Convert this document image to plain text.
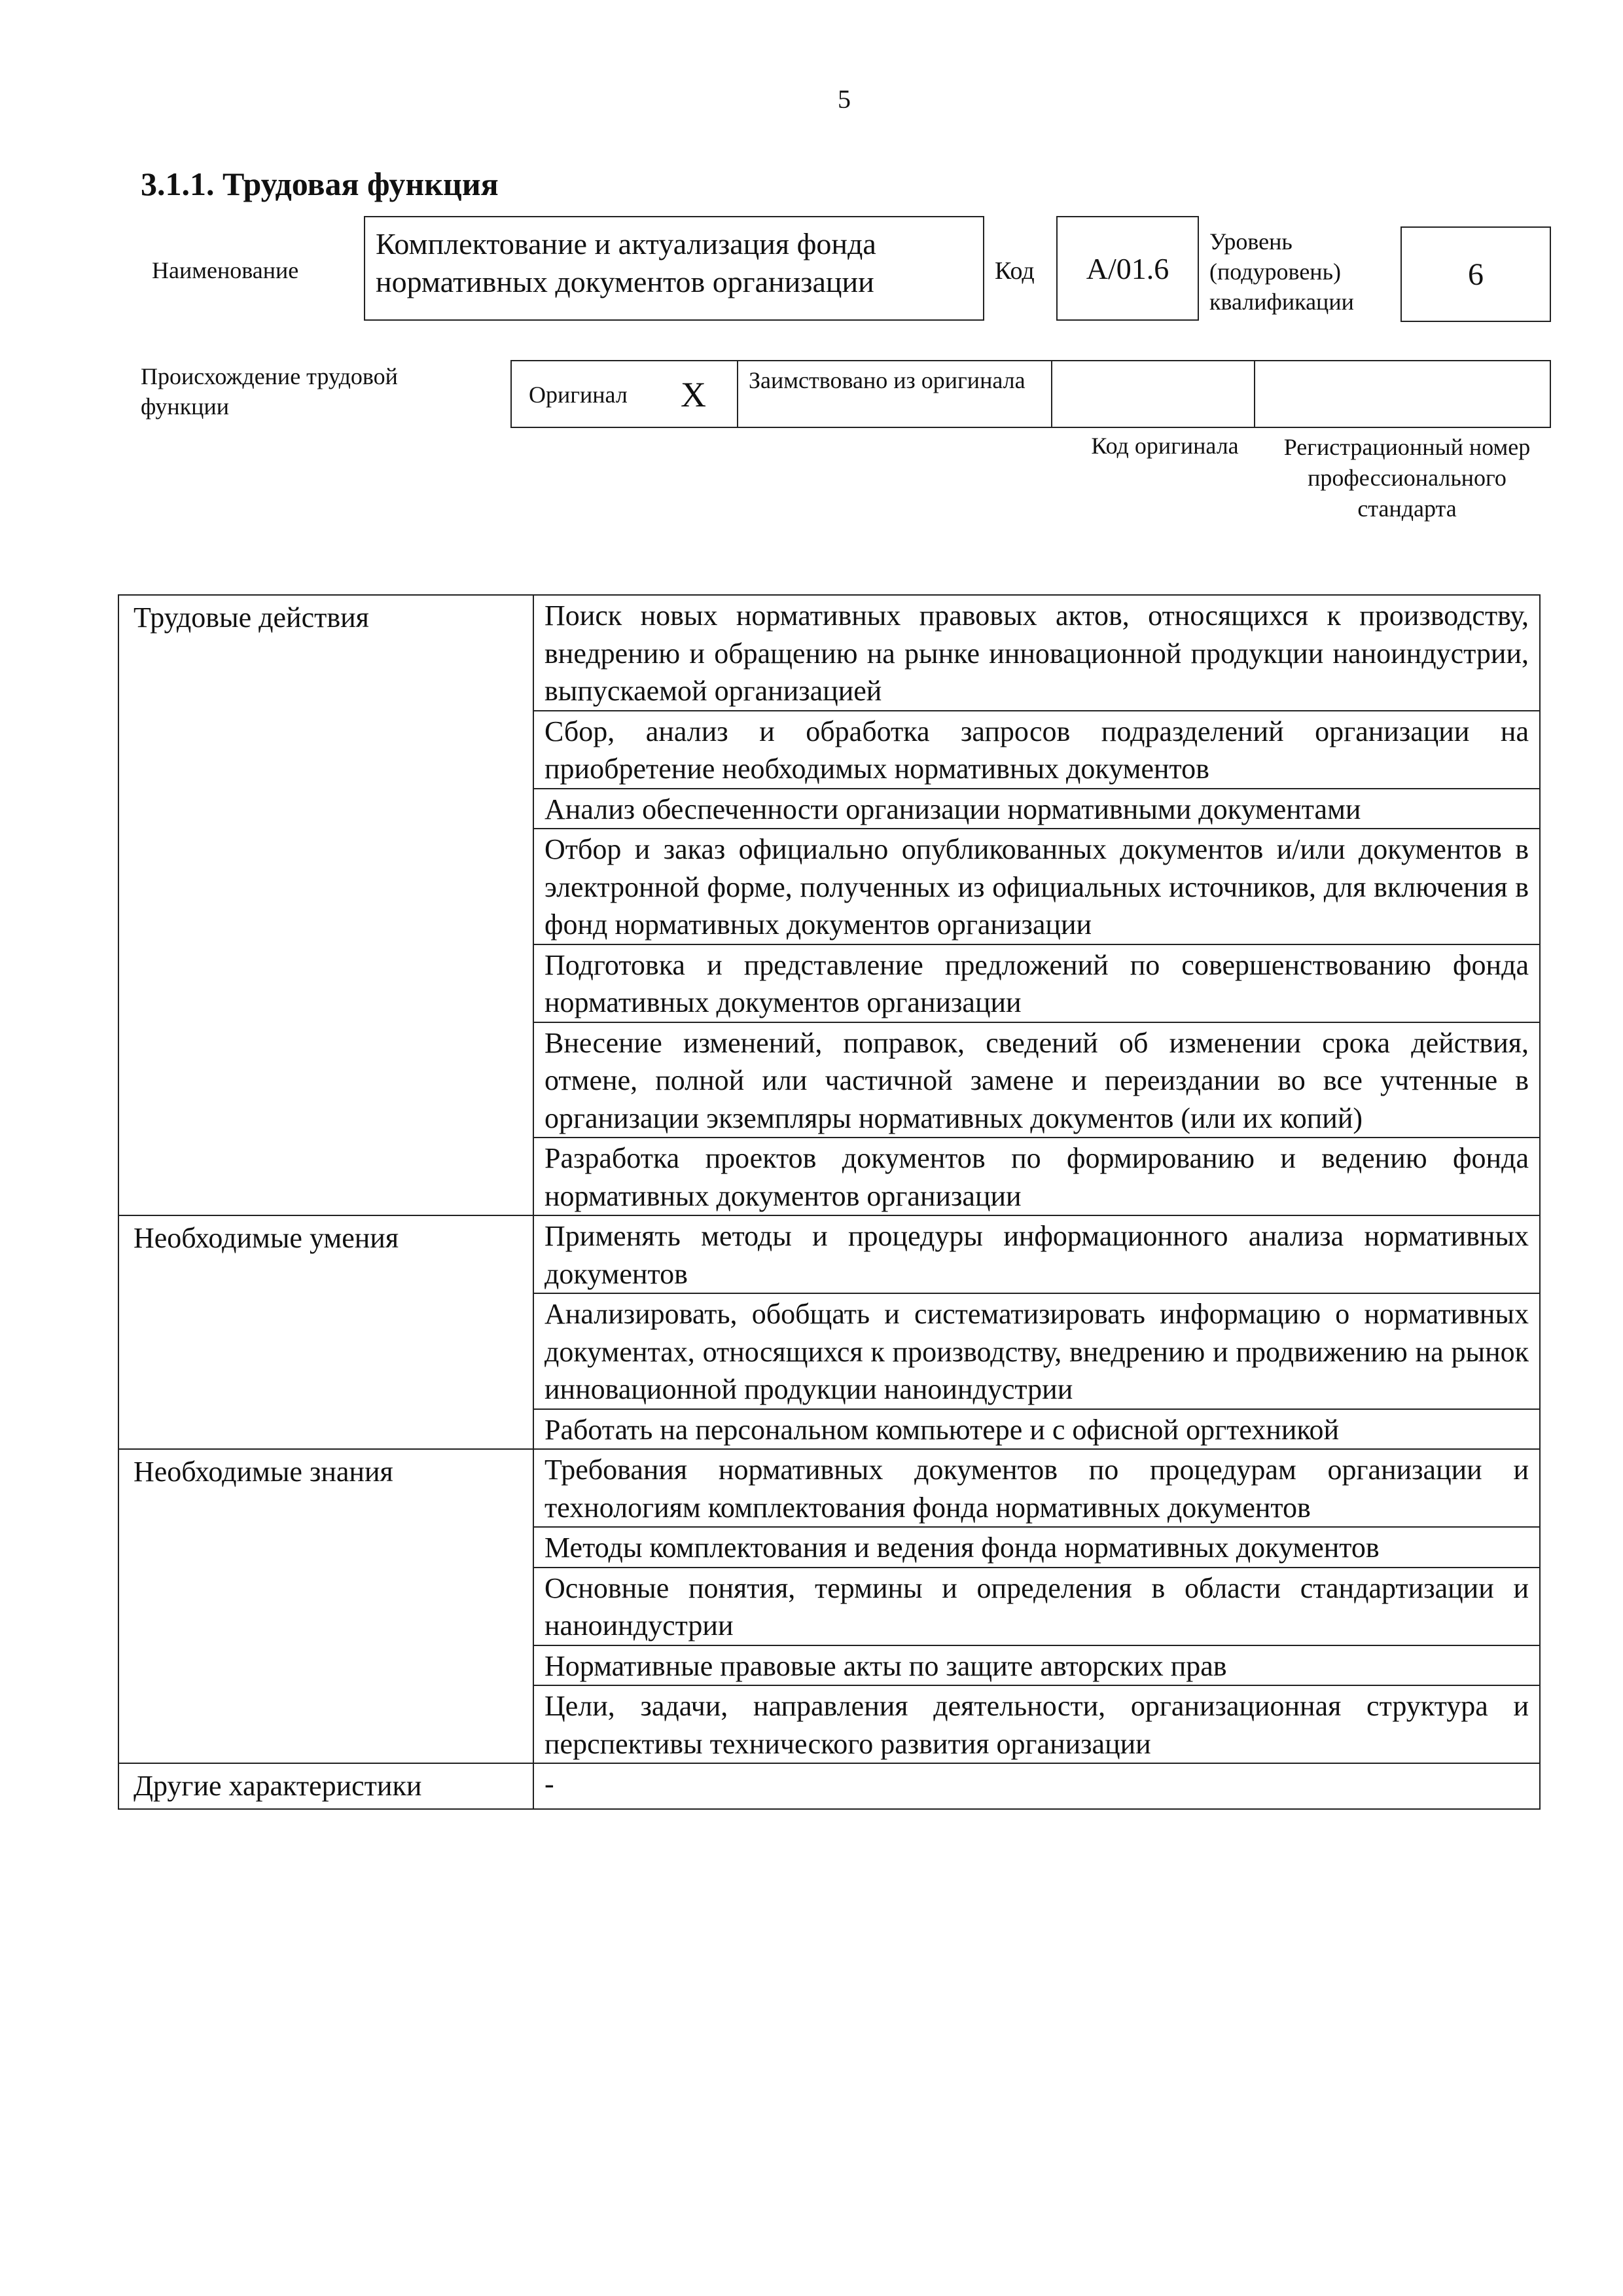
5
3.1.1. Трудовая функция
Наименование
Комплектование и актуализация фонда нормативных документов организации	Код	А/01.6
Уровень (подуровень) квалификации
6
Происхождение трудовой функции	Оригинал Х Заимствовано из оригинала
Код оригинала	Регистрационный номер профессионального стандарта
Трудовые действия	Поиск новых нормативных правовых актов, относящихся к производству, внедрению и обращению на рынке инновационной продукции наноиндустрии, выпускаемой организацией
	Сбор, анализ и обработка запросов подразделений организации на приобретение необходимых нормативных документов
	Анализ обеспеченности организации нормативными документами
	Отбор и заказ официально опубликованных документов и/или документов в электронной форме, полученных из официальных источников, для включения в фонд нормативных документов организации
	Подготовка и представление предложений по совершенствованию фонда нормативных документов организации
	Внесение изменений, поправок, сведений об изменении срока действия, отмене, полной или частичной замене и переиздании во все учтенные в организации экземпляры нормативных документов (или их копий)
	Разработка проектов документов по формированию и ведению фонда нормативных документов организации
Необходимые умения	Применять методы и процедуры информационного анализа нормативных документов
	Анализировать, обобщать и систематизировать информацию о нормативных документах, относящихся к производству, внедрению и продвижению на рынок инновационной продукции наноиндустрии
	Работать на персональном компьютере и с офисной оргтехникой
Необходимые знания	Требования нормативных документов по процедурам организации и технологиям комплектования фонда нормативных документов
	Методы комплектования и ведения фонда нормативных документов
	Основные понятия, термины и определения в области стандартизации и наноиндустрии
	Нормативные правовые акты по защите авторских прав
	Цели, задачи, направления деятельности, организационная структура и перспективы технического развития организации
Другие характеристики	-
